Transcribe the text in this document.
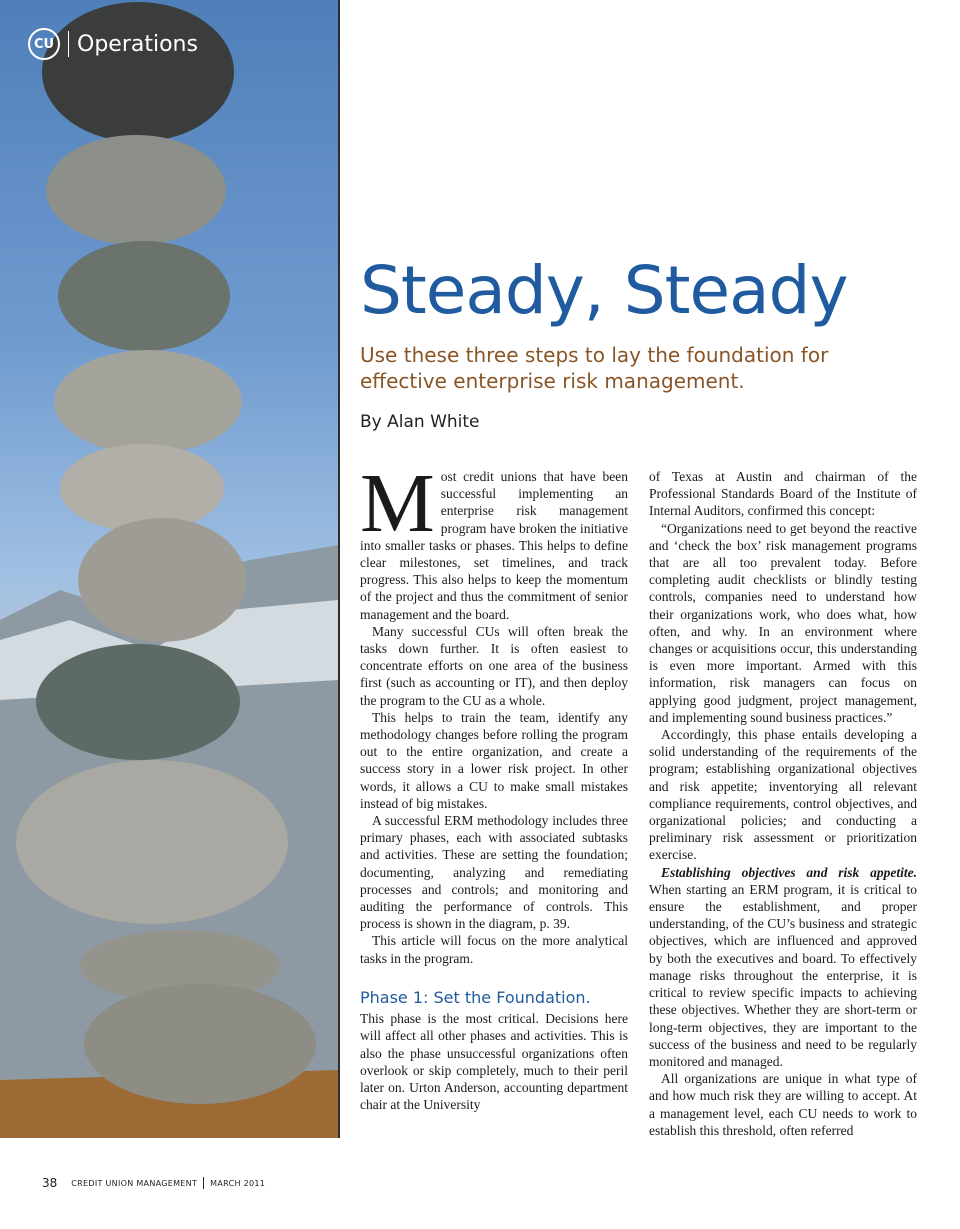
CU Operations
Steady, Steady

Use these three steps to lay the foundation for effective enterprise risk management.

By Alan White

Most credit unions that have been successful implementing an enterprise risk management program have broken the initiative into smaller tasks or phases. This helps to define clear milestones, set timelines, and track progress. This also helps to keep the momentum of the project and thus the commitment of senior management and the board.

Many successful CUs will often break the tasks down further. It is often easiest to concentrate efforts on one area of the business first (such as accounting or IT), and then deploy the program to the CU as a whole.

This helps to train the team, identify any methodology changes before rolling the program out to the entire organization, and create a success story in a lower risk project. In other words, it allows a CU to make small mistakes instead of big mistakes.

A successful ERM methodology includes three primary phases, each with associated subtasks and activities. These are setting the foundation; documenting, analyzing and remediating processes and controls; and monitoring and auditing the performance of controls. This process is shown in the diagram, p. 39.

This article will focus on the more analytical tasks in the program.

Phase 1: Set the Foundation.

This phase is the most critical. Decisions here will affect all other phases and activities. This is also the phase unsuccessful organizations often overlook or skip completely, much to their peril later on. Urton Anderson, accounting department chair at the University

of Texas at Austin and chairman of the Professional Standards Board of the Institute of Internal Auditors, confirmed this concept:

“Organizations need to get beyond the reactive and ‘check the box’ risk management programs that are all too prevalent today. Before completing audit checklists or blindly testing controls, companies need to understand how their organizations work, who does what, how often, and why. In an environment where changes or acquisitions occur, this understanding is even more important. Armed with this information, risk managers can focus on applying good judgment, project management, and implementing sound business practices.”

Accordingly, this phase entails developing a solid understanding of the requirements of the program; establishing organizational objectives and risk appetite; inventorying all relevant compliance requirements, control objectives, and organizational policies; and conducting a preliminary risk assessment or prioritization exercise.

Establishing objectives and risk appetite. When starting an ERM program, it is critical to ensure the establishment, and proper understanding, of the CU’s business and strategic objectives, which are influenced and approved by both the executives and board. To effectively manage risks throughout the enterprise, it is critical to review specific impacts to achieving these objectives. Whether they are short-term or long-term objectives, they are important to the success of the business and need to be regularly monitored and managed.

All organizations are unique in what type of and how much risk they are willing to accept. At a management level, each CU needs to work to establish this threshold, often referred

38 CREDIT UNION MANAGEMENT MARCH 2011
